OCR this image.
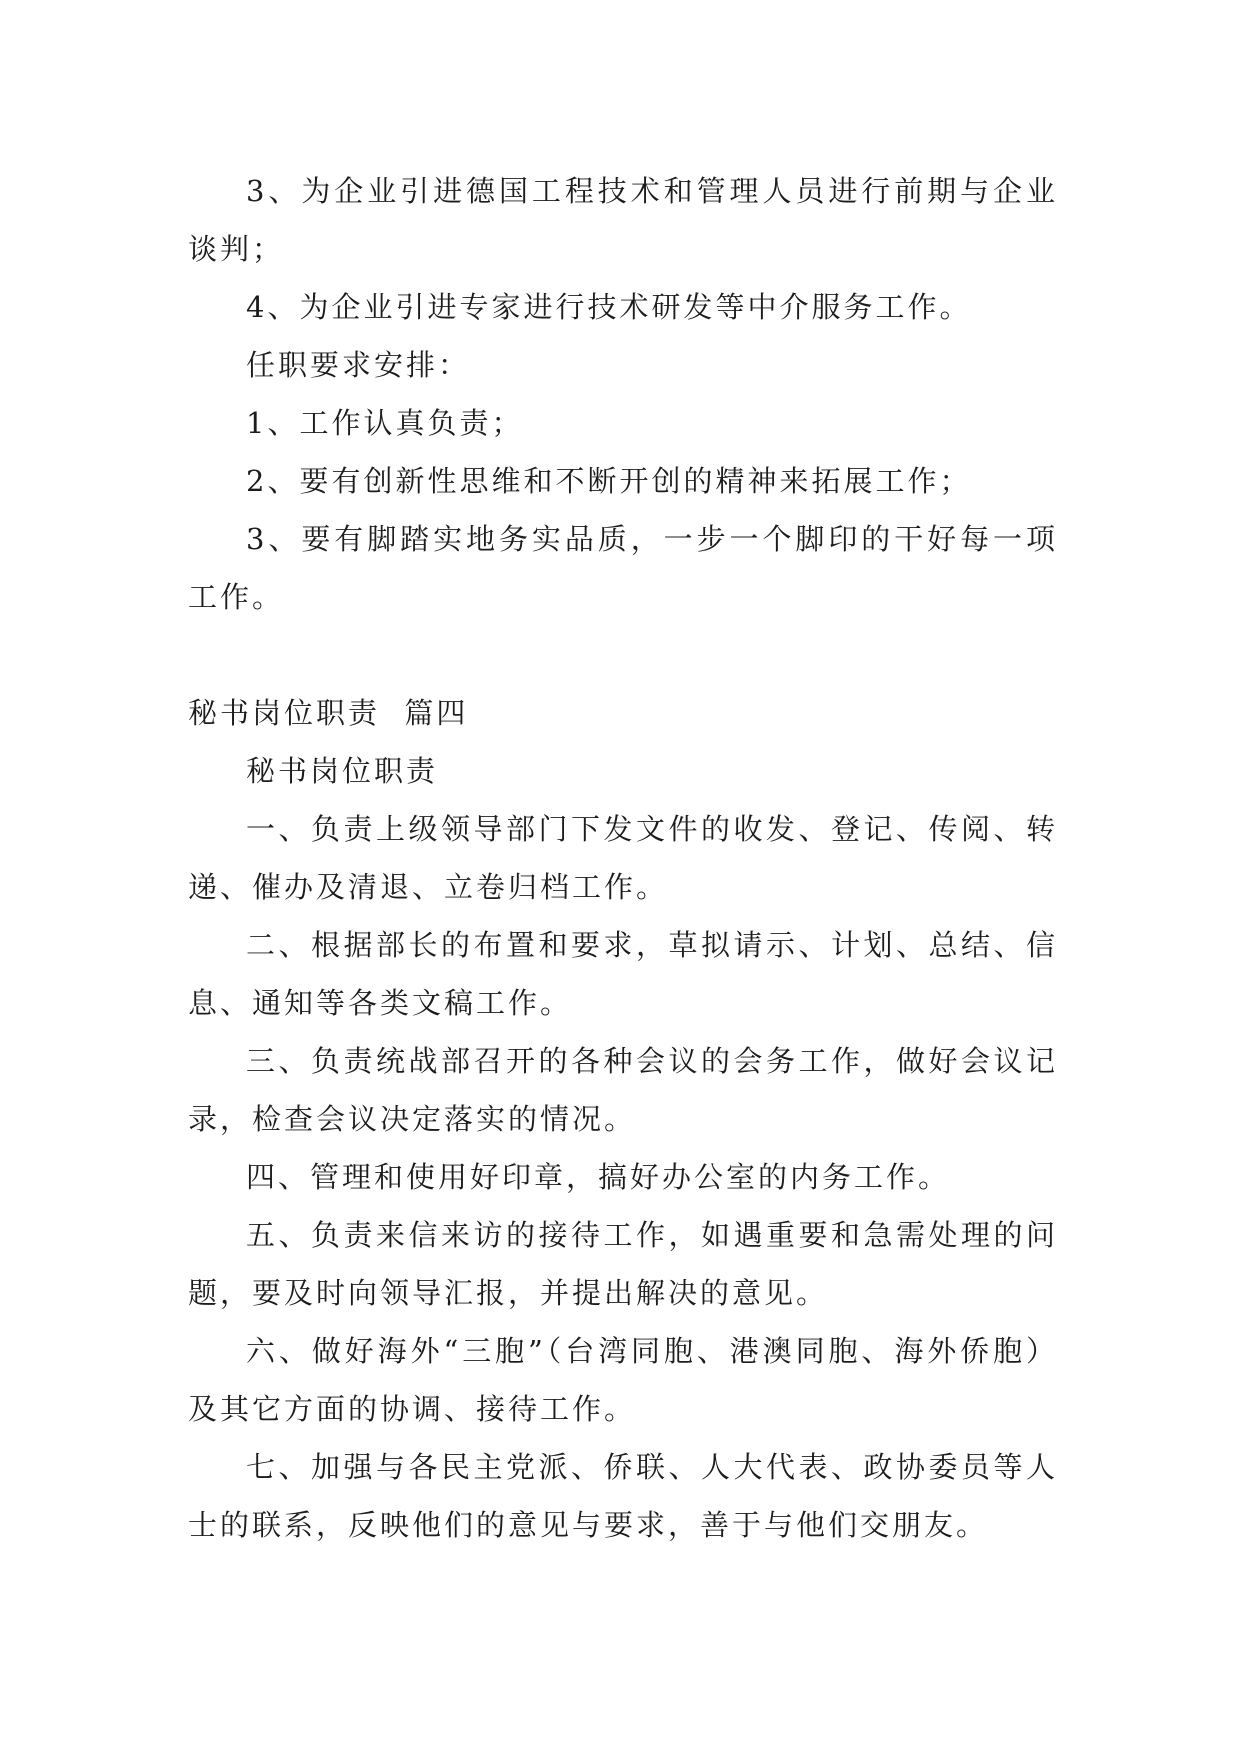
3、为企业引进德国工程技术和管理人员进行前期与企业谈判；

4、为企业引进专家进行技术研发等中介服务工作。

任职要求安排：

1、工作认真负责；

2、要有创新性思维和不断开创的精神来拓展工作；

3、要有脚踏实地务实品质，一步一个脚印的干好每一项工作。

秘书岗位职责  篇四

秘书岗位职责

一、负责上级领导部门下发文件的收发、登记、传阅、转递、催办及清退、立卷归档工作。

二、根据部长的布置和要求，草拟请示、计划、总结、信息、通知等各类文稿工作。

三、负责统战部召开的各种会议的会务工作，做好会议记录，检查会议决定落实的情况。

四、管理和使用好印章，搞好办公室的内务工作。

五、负责来信来访的接待工作，如遇重要和急需处理的问题，要及时向领导汇报，并提出解决的意见。

六、做好海外“三胞”（台湾同胞、港澳同胞、海外侨胞）及其它方面的协调、接待工作。

七、加强与各民主党派、侨联、人大代表、政协委员等人士的联系，反映他们的意见与要求，善于与他们交朋友。
